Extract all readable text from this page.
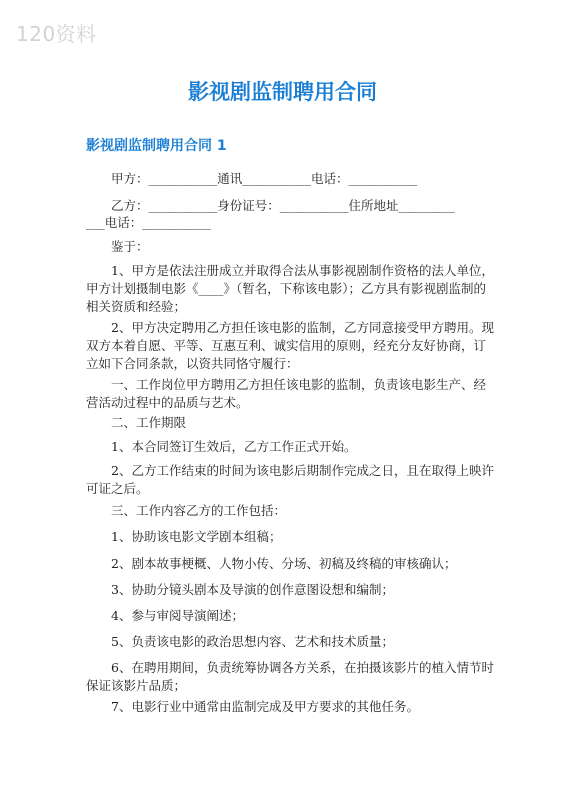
120资料
影视剧监制聘用合同
影视剧监制聘用合同 1
甲方：___________通讯___________电话：___________
乙方：___________身份证号：___________住所地址_________
___电话：___________
鉴于：
1、甲方是依法注册成立并取得合法从事影视剧制作资格的法人单位，甲方计划摄制电影《____》（暂名，下称该电影）；乙方具有影视剧监制的相关资质和经验；
2、甲方决定聘用乙方担任该电影的监制，乙方同意接受甲方聘用。现双方本着自愿、平等、互惠互利、诚实信用的原则，经充分友好协商，订立如下合同条款，以资共同恪守履行：
一、工作岗位甲方聘用乙方担任该电影的监制，负责该电影生产、经营活动过程中的品质与艺术。
二、工作期限
1、本合同签订生效后，乙方工作正式开始。
2、乙方工作结束的时间为该电影后期制作完成之日，且在取得上映许可证之后。
三、工作内容乙方的工作包括：
1、协助该电影文学剧本组稿；
2、剧本故事梗概、人物小传、分场、初稿及终稿的审核确认；
3、协助分镜头剧本及导演的创作意图设想和编制；
4、参与审阅导演阐述；
5、负责该电影的政治思想内容、艺术和技术质量；
6、在聘用期间，负责统筹协调各方关系，在拍摄该影片的植入情节时保证该影片品质；
7、电影行业中通常由监制完成及甲方要求的其他任务。
